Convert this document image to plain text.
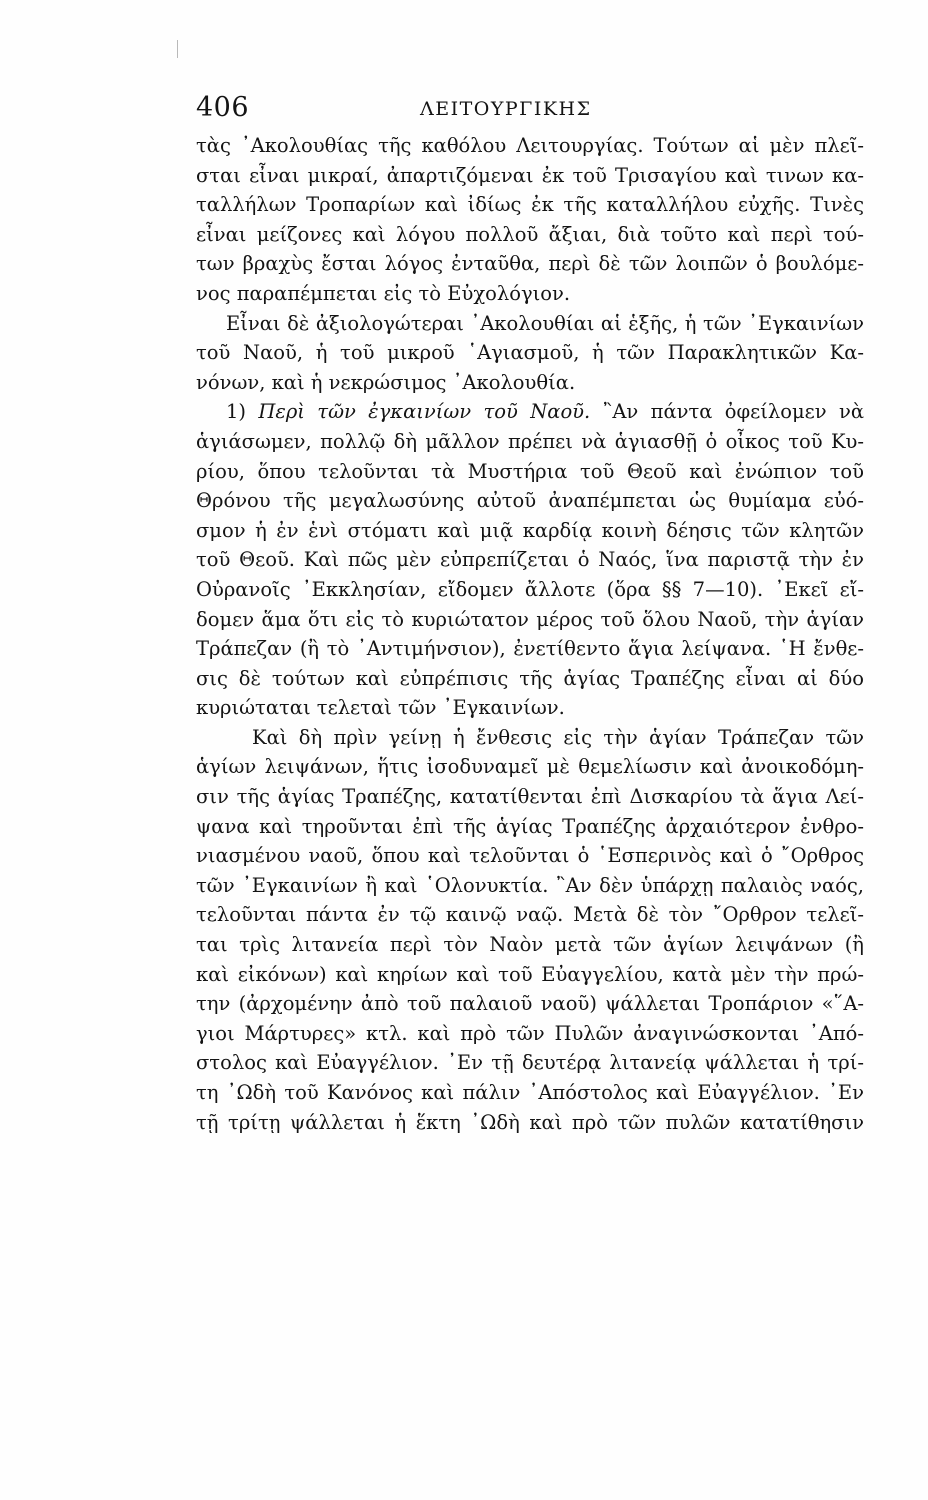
406	ΛΕΙΤΟΥΡΓΙΚΗΣ
τὰς ᾽Ακολουθίας τῆς καθόλου Λειτουργίας. Τούτων αἱ μὲν πλεῖ-
σται εἶναι μικραί, ἀπαρτιζόμεναι ἐκ τοῦ Τρισαγίου καὶ τινων κα-
ταλλήλων Τροπαρίων καὶ ἰδίως ἐκ τῆς καταλλήλου εὐχῆς. Τινὲς
εἶναι μείζονες καὶ λόγου πολλοῦ ἄξιαι, διὰ τοῦτο καὶ περὶ τού-
των βραχὺς ἔσται λόγος ἐνταῦθα, περὶ δὲ τῶν λοιπῶν ὁ βουλόμε-
νος παραπέμπεται εἰς τὸ Εὐχολόγιον.
Εἶναι δὲ ἀξιολογώτεραι ᾽Ακολουθίαι αἱ ἑξῆς, ἡ τῶν ᾽Εγκαινίων
τοῦ Ναοῦ, ἡ τοῦ μικροῦ ῾Αγιασμοῦ, ἡ τῶν Παρακλητικῶν Κα-
νόνων, καὶ ἡ νεκρώσιμος ᾽Ακολουθία.
1) Περὶ τῶν ἐγκαινίων τοῦ Ναοῦ. ῍Αν πάντα ὀφείλομεν νὰ
ἁγιάσωμεν, πολλῷ δὴ μᾶλλον πρέπει νὰ ἁγιασθῇ ὁ οἶκος τοῦ Κυ-
ρίου, ὅπου τελοῦνται τὰ Μυστήρια τοῦ Θεοῦ καὶ ἐνώπιον τοῦ
Θρόνου τῆς μεγαλωσύνης αὐτοῦ ἀναπέμπεται ὡς θυμίαμα εὐό-
σμον ἡ ἐν ἑνὶ στόματι καὶ μιᾷ καρδίᾳ κοινὴ δέησις τῶν κλητῶν
τοῦ Θεοῦ. Καὶ πῶς μὲν εὐπρεπίζεται ὁ Ναός, ἵνα παριστᾷ τὴν ἐν
Οὐρανοῖς ᾽Εκκλησίαν, εἴδομεν ἄλλοτε (ὅρα §§ 7—10). ᾽Εκεῖ εἴ-
δομεν ἅμα ὅτι εἰς τὸ κυριώτατον μέρος τοῦ ὅλου Ναοῦ, τὴν ἁγίαν
Τράπεζαν (ἢ τὸ ᾽Αντιμήνσιον), ἐνετίθεντο ἅγια λείψανα. ῾Η ἔνθε-
σις δὲ τούτων καὶ εὐπρέπισις τῆς ἁγίας Τραπέζης εἶναι αἱ δύο
κυριώταται τελεταὶ τῶν ᾽Εγκαινίων.
Καὶ δὴ πρὶν γείνῃ ἡ ἔνθεσις εἰς τὴν ἁγίαν Τράπεζαν τῶν
ἁγίων λειψάνων, ἥτις ἰσοδυναμεῖ μὲ θεμελίωσιν καὶ ἀνοικοδόμη-
σιν τῆς ἁγίας Τραπέζης, κατατίθενται ἐπὶ Δισκαρίου τὰ ἅγια Λεί-
ψανα καὶ τηροῦνται ἐπὶ τῆς ἁγίας Τραπέζης ἀρχαιότερον ἐνθρο-
νιασμένου ναοῦ, ὅπου καὶ τελοῦνται ὁ ῾Εσπερινὸς καὶ ὁ ῎Ορθρος
τῶν ᾽Εγκαινίων ἢ καὶ ῾Ολονυκτία. ῍Αν δὲν ὑπάρχῃ παλαιὸς ναός,
τελοῦνται πάντα ἐν τῷ καινῷ ναῷ. Μετὰ δὲ τὸν ῎Ορθρον τελεῖ-
ται τρὶς λιτανεία περὶ τὸν Ναὸν μετὰ τῶν ἁγίων λειψάνων (ἢ
καὶ εἰκόνων) καὶ κηρίων καὶ τοῦ Εὐαγγελίου, κατὰ μὲν τὴν πρώ-
την (ἀρχομένην ἀπὸ τοῦ παλαιοῦ ναοῦ) ψάλλεται Τροπάριον «῞Α-
γιοι Μάρτυρες» κτλ. καὶ πρὸ τῶν Πυλῶν ἀναγινώσκονται ᾽Από-
στολος καὶ Εὐαγγέλιον. ᾽Εν τῇ δευτέρᾳ λιτανείᾳ ψάλλεται ἡ τρί-
τη ᾽Ωδὴ τοῦ Κανόνος καὶ πάλιν ᾽Απόστολος καὶ Εὐαγγέλιον. ᾽Εν
τῇ τρίτῃ ψάλλεται ἡ ἕκτη ᾽Ωδὴ καὶ πρὸ τῶν πυλῶν κατατίθησιν
